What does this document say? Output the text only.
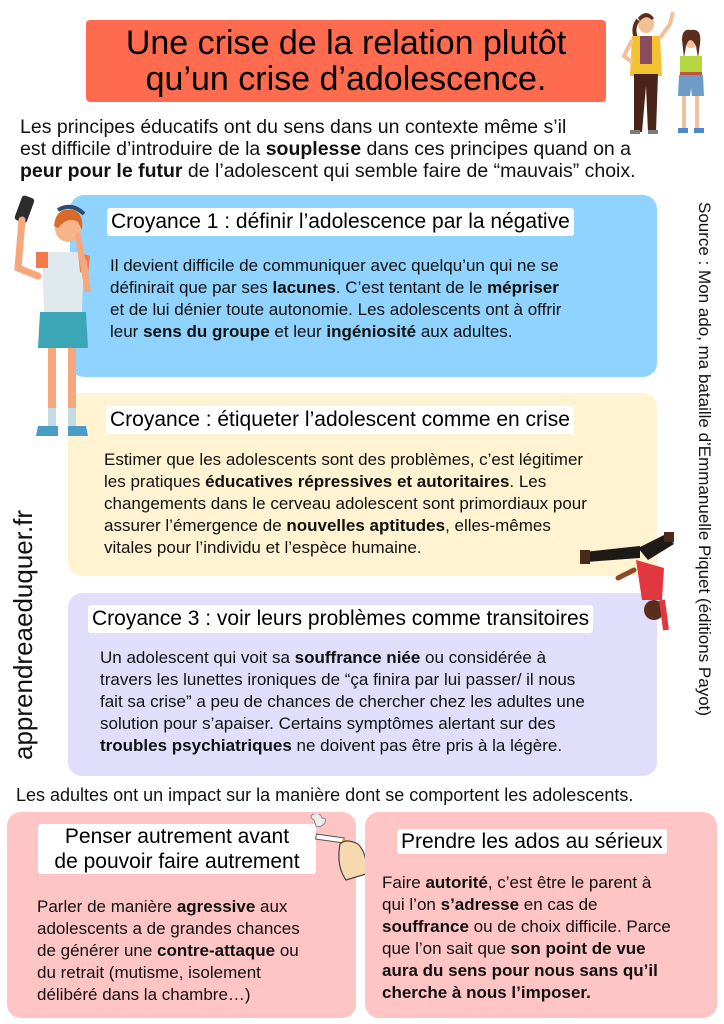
Une crise de la relation plutôt
qu’un crise d’adolescence.
Les principes éducatifs ont du sens dans un contexte même s’il
est difficile d’introduire de la souplesse dans ces principes quand on a
peur pour le futur de l’adolescent qui semble faire de “mauvais” choix.
Croyance 1 : définir l’adolescence par la négative
Il devient difficile de communiquer avec quelqu’un qui ne se
définirait que par ses lacunes. C’est tentant de le mépriser
et de lui dénier toute autonomie. Les adolescents ont à offrir
leur sens du groupe et leur ingéniosité aux adultes.
Croyance : étiqueter l’adolescent comme en crise
Estimer que les adolescents sont des problèmes, c’est légitimer
les pratiques éducatives répressives et autoritaires. Les
changements dans le cerveau adolescent sont primordiaux pour
assurer l’émergence de nouvelles aptitudes, elles-mêmes
vitales pour l’individu et l’espèce humaine.
Croyance 3 : voir leurs problèmes comme transitoires
Un adolescent qui voit sa souffrance niée ou considérée à
travers les lunettes ironiques de “ça finira par lui passer/ il nous
fait sa crise” a peu de chances de chercher chez les adultes une
solution pour s’apaiser. Certains symptômes alertant sur des
troubles psychiatriques ne doivent pas être pris à la légère.
Source : Mon ado, ma bataille d’Emmanuelle Piquet (éditions Payot)
apprendreaeduquer.fr
Les adultes ont un impact sur la manière dont se comportent les adolescents.
Penser autrement avant
de pouvoir faire autrement
Parler de manière agressive aux
adolescents a de grandes chances
de générer une contre-attaque ou
du retrait (mutisme, isolement
délibéré dans la chambre…)
Prendre les ados au sérieux
Faire autorité, c’est être le parent à
qui l’on s’adresse en cas de
souffrance ou de choix difficile. Parce
que l’on sait que son point de vue
aura du sens pour nous sans qu’il
cherche à nous l’imposer.
